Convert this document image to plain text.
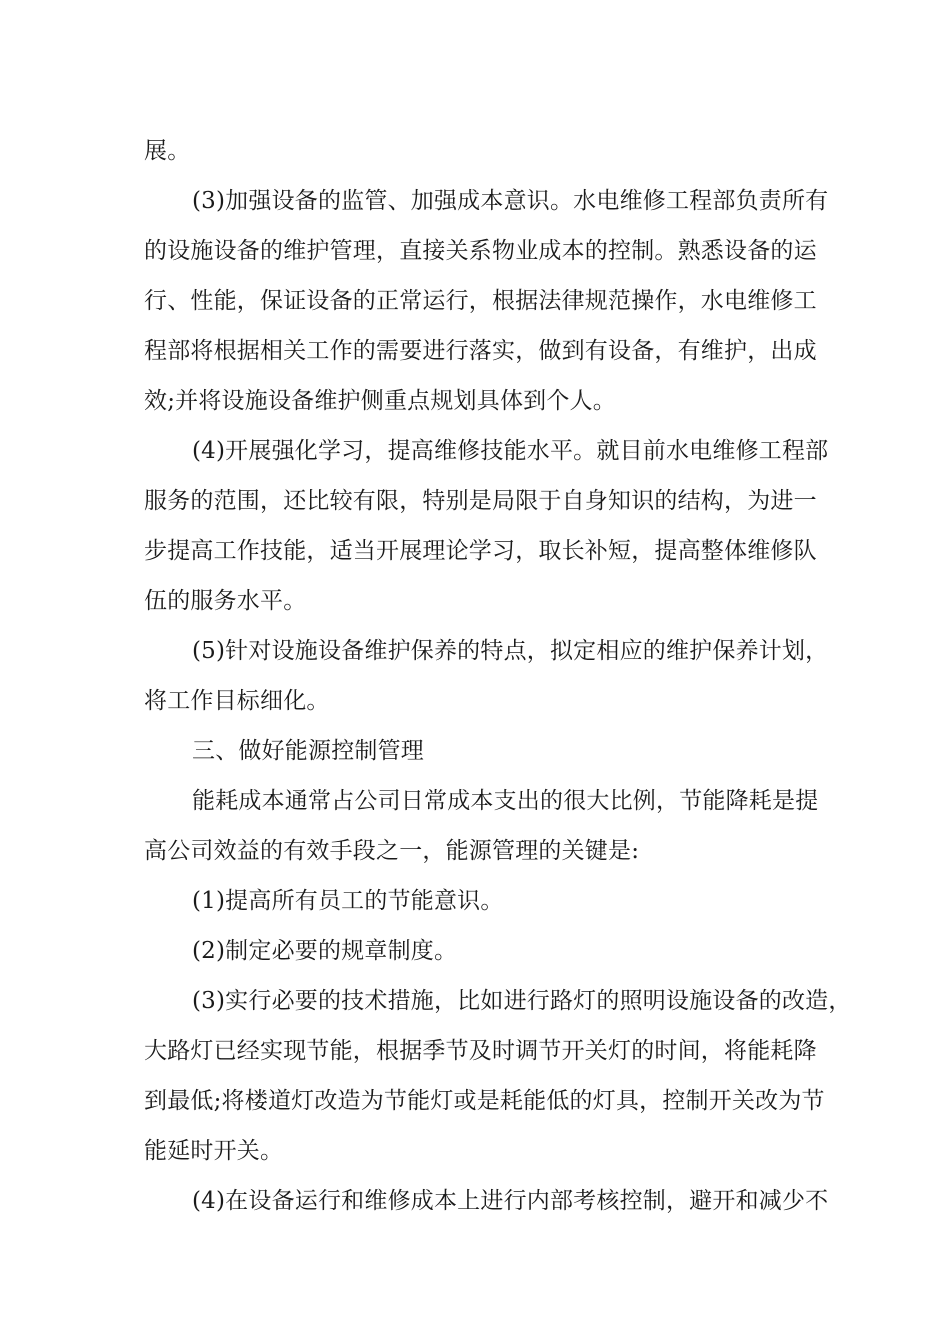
展。
(3)加强设备的监管、加强成本意识。水电维修工程部负责所有
的设施设备的维护管理，直接关系物业成本的控制。熟悉设备的运
行、性能，保证设备的正常运行，根据法律规范操作，水电维修工
程部将根据相关工作的需要进行落实，做到有设备，有维护，出成
效;并将设施设备维护侧重点规划具体到个人。
(4)开展强化学习，提高维修技能水平。就目前水电维修工程部
服务的范围，还比较有限，特别是局限于自身知识的结构，为进一
步提高工作技能，适当开展理论学习，取长补短，提高整体维修队
伍的服务水平。
(5)针对设施设备维护保养的特点，拟定相应的维护保养计划，
将工作目标细化。
三、做好能源控制管理
能耗成本通常占公司日常成本支出的很大比例，节能降耗是提
高公司效益的有效手段之一，能源管理的关键是:
(1)提高所有员工的节能意识。
(2)制定必要的规章制度。
(3)实行必要的技术措施，比如进行路灯的照明设施设备的改造，
大路灯已经实现节能，根据季节及时调节开关灯的时间，将能耗降
到最低;将楼道灯改造为节能灯或是耗能低的灯具，控制开关改为节
能延时开关。
(4)在设备运行和维修成本上进行内部考核控制，避开和减少不
